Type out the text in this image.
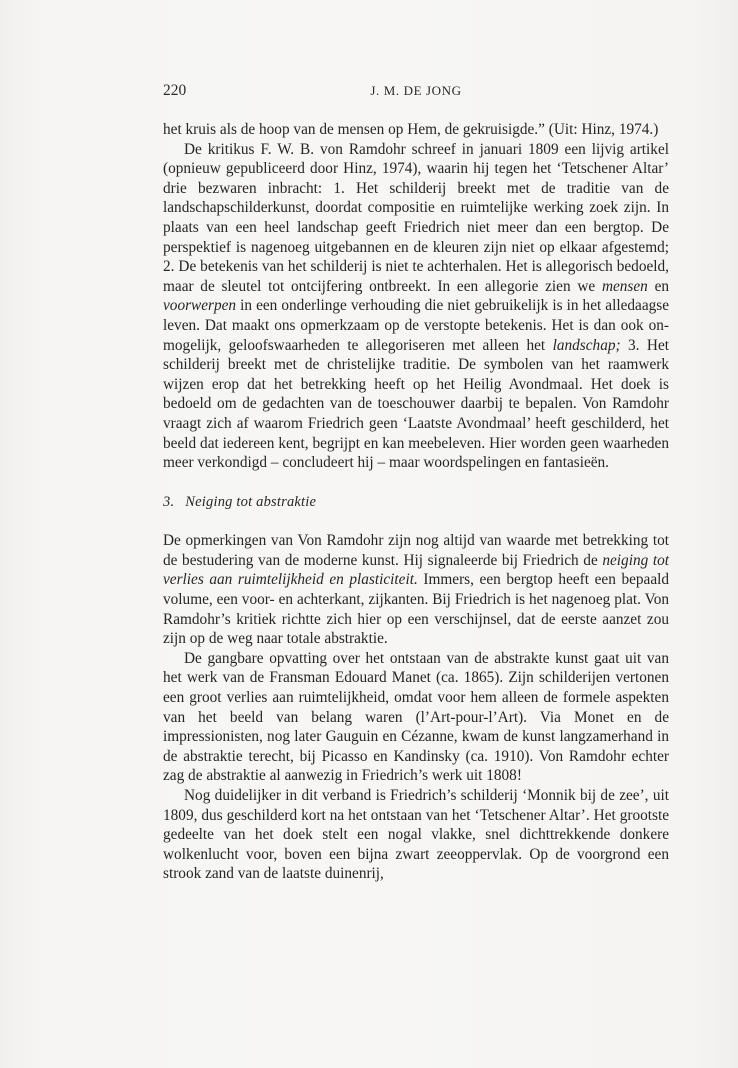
220	J. M. DE JONG

het kruis als de hoop van de mensen op Hem, de gekruisigde.” (Uit: Hinz, 1974.)

De kritikus F. W. B. von Ramdohr schreef in januari 1809 een lijvig artikel (opnieuw gepubliceerd door Hinz, 1974), waarin hij tegen het ‘Tetschener Altar’ drie bezwaren inbracht: 1. Het schilderij breekt met de traditie van de landschapschilderkunst, doordat compositie en ruimtelijke werking zoek zijn. In plaats van een heel landschap geeft Friedrich niet meer dan een bergtop. De perspektief is nagenoeg uitgebannen en de kleuren zijn niet op elkaar afgestemd; 2. De betekenis van het schilderij is niet te achterhalen. Het is allegorisch bedoeld, maar de sleutel tot ontcijfering ontbreekt. In een allegorie zien we mensen en voorwerpen in een onderlinge verhouding die niet gebruikelijk is in het alledaagse leven. Dat maakt ons opmerkzaam op de verstopte betekenis. Het is dan ook onmogelijk, geloofswaarheden te allegoriseren met alleen het landschap; 3. Het schilderij breekt met de christelijke traditie. De symbolen van het raamwerk wijzen erop dat het betrekking heeft op het Heilig Avondmaal. Het doek is bedoeld om de gedachten van de toeschouwer daarbij te bepalen. Von Ramdohr vraagt zich af waarom Friedrich geen ‘Laatste Avondmaal’ heeft geschilderd, het beeld dat iedereen kent, begrijpt en kan meebeleven. Hier worden geen waarheden meer verkondigd – concludeert hij – maar woordspelingen en fantasieën.

3. Neiging tot abstraktie

De opmerkingen van Von Ramdohr zijn nog altijd van waarde met betrekking tot de bestudering van de moderne kunst. Hij signaleerde bij Friedrich de neiging tot verlies aan ruimtelijkheid en plasticiteit. Immers, een bergtop heeft een bepaald volume, een voor- en achterkant, zijkanten. Bij Friedrich is het nagenoeg plat. Von Ramdohr’s kritiek richtte zich hier op een verschijnsel, dat de eerste aanzet zou zijn op de weg naar totale abstraktie.

De gangbare opvatting over het ontstaan van de abstrakte kunst gaat uit van het werk van de Fransman Edouard Manet (ca. 1865). Zijn schilderijen vertonen een groot verlies aan ruimtelijkheid, omdat voor hem alleen de formele aspekten van het beeld van belang waren (l’Art-pour-l’Art). Via Monet en de impressionisten, nog later Gauguin en Cézanne, kwam de kunst langzamerhand in de abstraktie terecht, bij Picasso en Kandinsky (ca. 1910). Von Ramdohr echter zag de abstraktie al aanwezig in Friedrich’s werk uit 1808!

Nog duidelijker in dit verband is Friedrich’s schilderij ‘Monnik bij de zee’, uit 1809, dus geschilderd kort na het ontstaan van het ‘Tetschener Altar’. Het grootste gedeelte van het doek stelt een nogal vlakke, snel dichttrekkende donkere wolkenlucht voor, boven een bijna zwart zeeoppervlak. Op de voorgrond een strook zand van de laatste duinenrij,
